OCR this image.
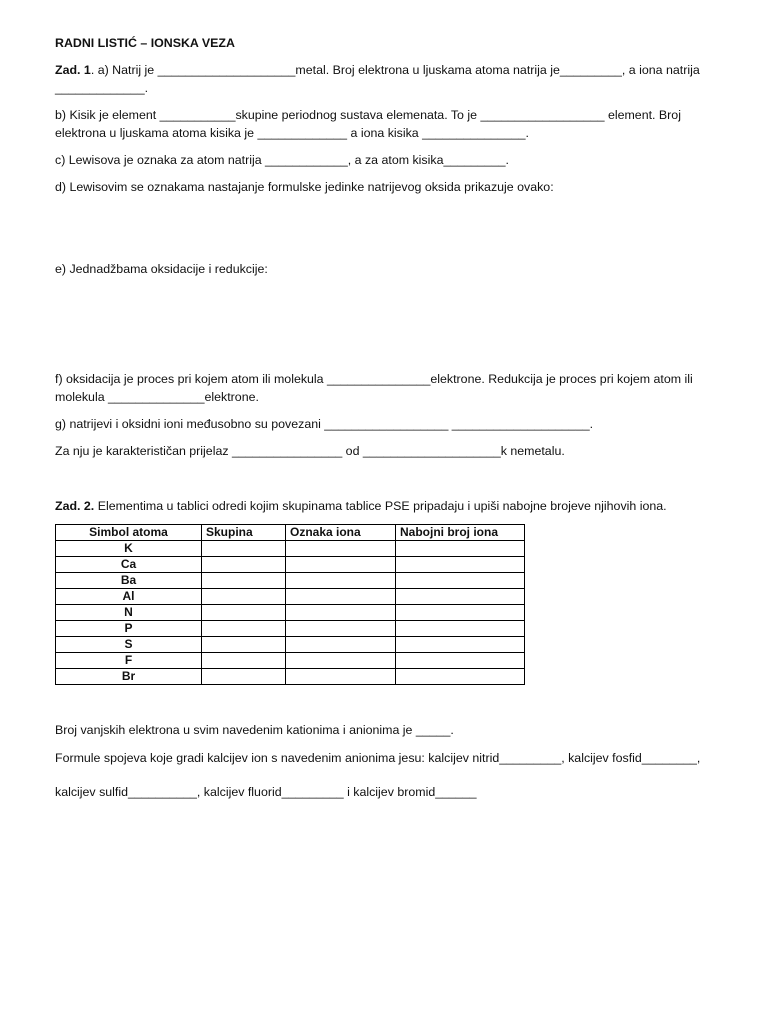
RADNI LISTIĆ – IONSKA VEZA
Zad. 1. a) Natrij je ____________________metal. Broj elektrona u ljuskama atoma natrija je_________, a iona natrija
_____________.
b) Kisik je element ___________skupine periodnog sustava elemenata. To je __________________ element. Broj
elektrona u ljuskama atoma kisika je _____________ a iona kisika _______________.
c) Lewisova je oznaka za atom natrija ____________, a za atom kisika_________.
d) Lewisovim se oznakama nastajanje formulske jedinke natrijevog oksida prikazuje ovako:
e) Jednadžbama oksidacije i redukcije:
f) oksidacija je proces pri kojem atom ili molekula _______________elektrone. Redukcija je proces pri kojem atom ili
molekula ______________elektrone.
g) natrijevi i oksidni ioni međusobno su povezani __________________ ____________________.
Za nju je karakterističan prijelaz ________________ od ____________________k nemetalu.
Zad. 2. Elementima u tablici odredi kojim skupinama tablice PSE pripadaju i upiši nabojne brojeve njihovih iona.
Simbol atoma	Skupina	Oznaka iona	Nabojni broj iona
K			
Ca			
Ba			
Al			
N			
P			
S			
F			
Br			
Broj vanjskih elektrona u svim navedenim kationima i anionima je _____.
Formule spojeva koje gradi kalcijev ion s navedenim anionima jesu: kalcijev nitrid_________, kalcijev fosfid________,
kalcijev sulfid__________, kalcijev fluorid_________ i kalcijev bromid______
